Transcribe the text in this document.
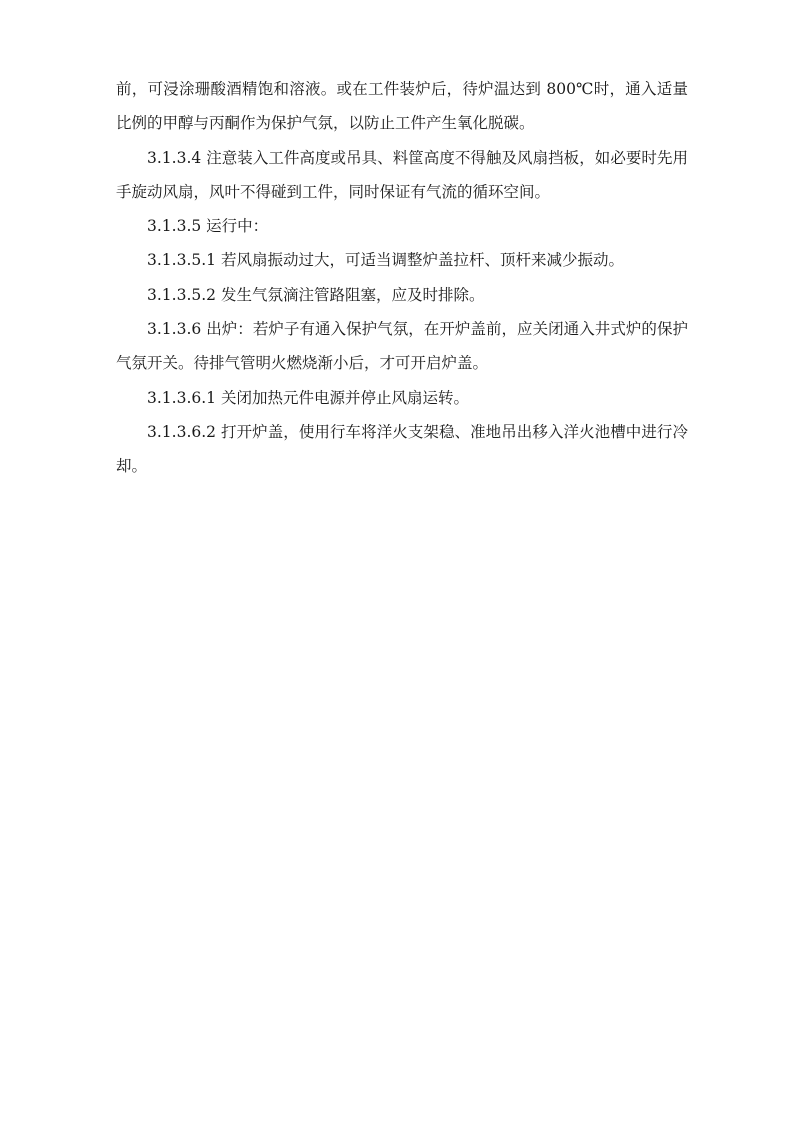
前，可浸涂珊酸酒精饱和溶液。或在工件装炉后，待炉温达到 800℃时，通入适量比例的甲醇与丙酮作为保护气氛，以防止工件产生氧化脱碳。

3.1.3.4 注意装入工件高度或吊具、料筐高度不得触及风扇挡板，如必要时先用手旋动风扇，风叶不得碰到工件，同时保证有气流的循环空间。

3.1.3.5 运行中：

3.1.3.5.1 若风扇振动过大，可适当调整炉盖拉杆、顶杆来减少振动。

3.1.3.5.2 发生气氛滴注管路阻塞，应及时排除。

3.1.3.6 出炉：若炉子有通入保护气氛，在开炉盖前，应关闭通入井式炉的保护气氛开关。待排气管明火燃烧渐小后，才可开启炉盖。

3.1.3.6.1 关闭加热元件电源并停止风扇运转。

3.1.3.6.2 打开炉盖，使用行车将洋火支架稳、准地吊出移入洋火池槽中进行冷却。
